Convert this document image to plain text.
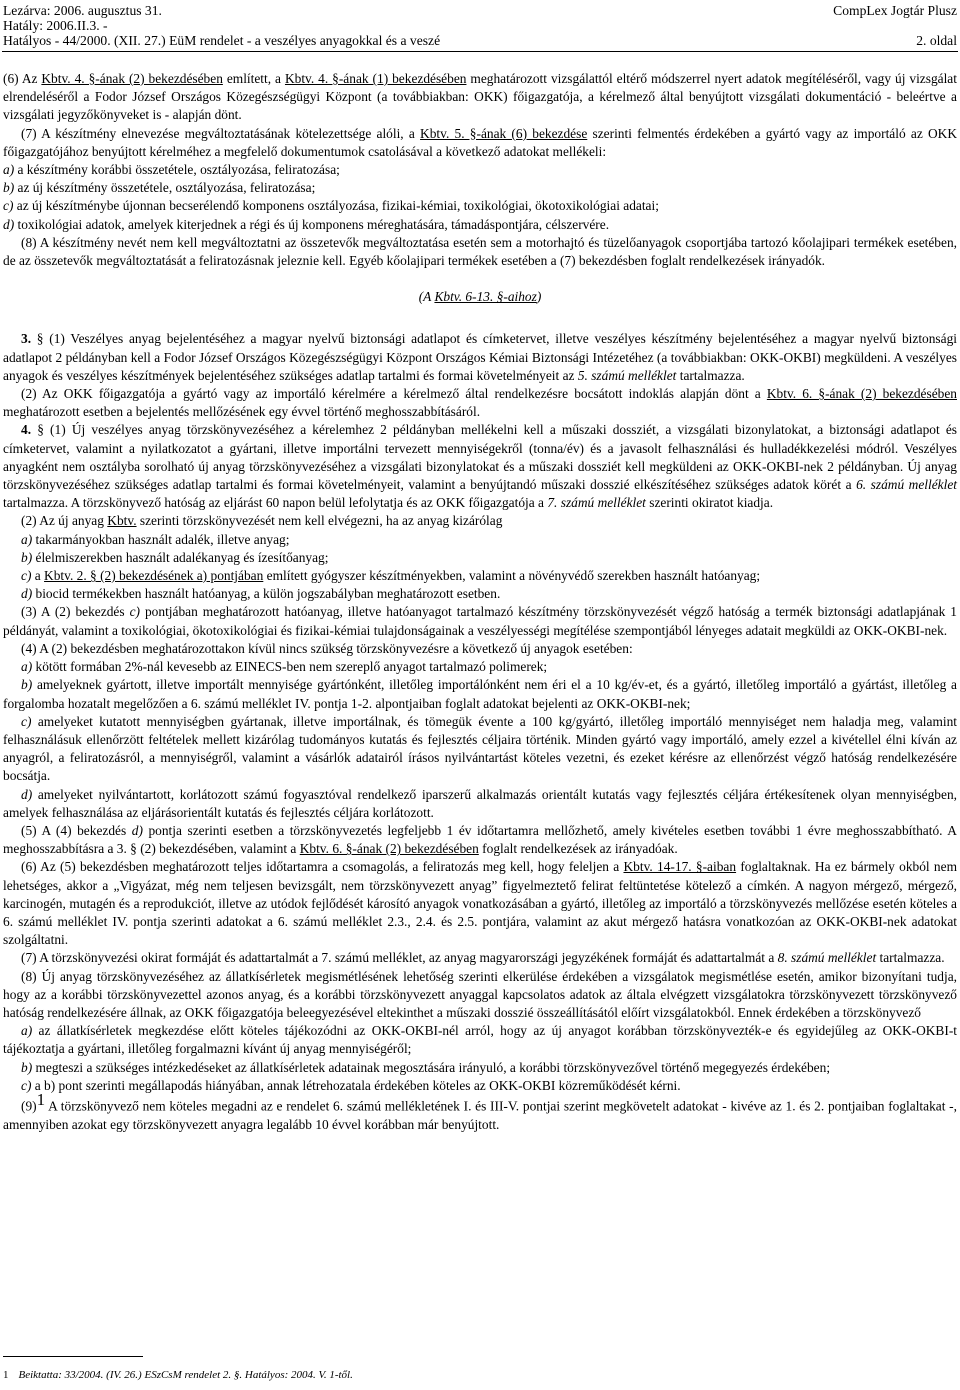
Lezárva: 2006. augusztus 31.	CompLex Jogtár Plusz
Hatály: 2006.II.3. -
Hatályos - 44/2000. (XII. 27.) EüM rendelet - a veszélyes anyagokkal és a veszé	2. oldal

(6) Az Kbtv. 4. §-ának (2) bekezdésében említett, a Kbtv. 4. §-ának (1) bekezdésében meghatározott vizsgálattól eltérő módszerrel nyert adatok megítéléséről, vagy új vizsgálat elrendeléséről a Fodor József Országos Közegészségügyi Központ (a továbbiakban: OKK) főigazgatója, a kérelmező által benyújtott vizsgálati dokumentáció - beleértve a vizsgálati jegyzőkönyveket is - alapján dönt.

(7) A készítmény elnevezése megváltoztatásának kötelezettsége alóli, a Kbtv. 5. §-ának (6) bekezdése szerinti felmentés érdekében a gyártó vagy az importáló az OKK főigazgatójához benyújtott kérelméhez a megfelelő dokumentumok csatolásával a következő adatokat mellékeli:

a) a készítmény korábbi összetétele, osztályozása, feliratozása;

b) az új készítmény összetétele, osztályozása, feliratozása;

c) az új készítménybe újonnan becserélendő komponens osztályozása, fizikai-kémiai, toxikológiai, ökotoxikológiai adatai;

d) toxikológiai adatok, amelyek kiterjednek a régi és új komponens méreghatására, támadáspontjára, célszervére.

(8) A készítmény nevét nem kell megváltoztatni az összetevők megváltoztatása esetén sem a motorhajtó és tüzelőanyagok csoportjába tartozó kőolajipari termékek esetében, de az összetevők megváltoztatását a feliratozásnak jeleznie kell. Egyéb kőolajipari termékek esetében a (7) bekezdésben foglalt rendelkezések irányadók.

(A Kbtv. 6-13. §-aihoz)

3. § (1) Veszélyes anyag bejelentéséhez a magyar nyelvű biztonsági adatlapot és címketervet, illetve veszélyes készítmény bejelentéséhez a magyar nyelvű biztonsági adatlapot 2 példányban kell a Fodor József Országos Közegészségügyi Központ Országos Kémiai Biztonsági Intézetéhez (a továbbiakban: OKK-OKBI) megküldeni. A veszélyes anyagok és veszélyes készítmények bejelentéséhez szükséges adatlap tartalmi és formai követelményeit az 5. számú melléklet tartalmazza.

(2) Az OKK főigazgatója a gyártó vagy az importáló kérelmére a kérelmező által rendelkezésre bocsátott indoklás alapján dönt a Kbtv. 6. §-ának (2) bekezdésében meghatározott esetben a bejelentés mellőzésének egy évvel történő meghosszabbításáról.

4. § (1) Új veszélyes anyag törzskönyvezéséhez a kérelemhez 2 példányban mellékelni kell a műszaki dossziét, a vizsgálati bizonylatokat, a biztonsági adatlapot és címketervet, valamint a nyilatkozatot a gyártani, illetve importálni tervezett mennyiségekről (tonna/év) és a javasolt felhasználási és hulladékkezelési módról. Veszélyes anyagként nem osztályba sorolható új anyag törzskönyvezéséhez a vizsgálati bizonylatokat és a műszaki dossziét kell megküldeni az OKK-OKBI-nek 2 példányban. Új anyag törzskönyvezéséhez szükséges adatlap tartalmi és formai követelményeit, valamint a benyújtandó műszaki dosszié elkészítéséhez szükséges adatok körét a 6. számú melléklet tartalmazza. A törzskönyvező hatóság az eljárást 60 napon belül lefolytatja és az OKK főigazgatója a 7. számú melléklet szerinti okiratot kiadja.

(2) Az új anyag Kbtv. szerinti törzskönyvezését nem kell elvégezni, ha az anyag kizárólag

a) takarmányokban használt adalék, illetve anyag;

b) élelmiszerekben használt adalékanyag és ízesítőanyag;

c) a Kbtv. 2. § (2) bekezdésének a) pontjában említett gyógyszer készítményekben, valamint a növényvédő szerekben használt hatóanyag;

d) biocid termékekben használt hatóanyag, a külön jogszabályban meghatározott esetben.

(3) A (2) bekezdés c) pontjában meghatározott hatóanyag, illetve hatóanyagot tartalmazó készítmény törzskönyvezését végző hatóság a termék biztonsági adatlapjának 1 példányát, valamint a toxikológiai, ökotoxikológiai és fizikai-kémiai tulajdonságainak a veszélyességi megítélése szempontjából lényeges adatait megküldi az OKK-OKBI-nek.

(4) A (2) bekezdésben meghatározottakon kívül nincs szükség törzskönyvezésre a következő új anyagok esetében:

a) kötött formában 2%-nál kevesebb az EINECS-ben nem szereplő anyagot tartalmazó polimerek;

b) amelyeknek gyártott, illetve importált mennyisége gyártónként, illetőleg importálónként nem éri el a 10 kg/év-et, és a gyártó, illetőleg importáló a gyártást, illetőleg a forgalomba hozatalt megelőzően a 6. számú melléklet IV. pontja 1-2. alpontjaiban foglalt adatokat bejelenti az OKK-OKBI-nek;

c) amelyeket kutatott mennyiségben gyártanak, illetve importálnak, és tömegük évente a 100 kg/gyártó, illetőleg importáló mennyiséget nem haladja meg, valamint felhasználásuk ellenőrzött feltételek mellett kizárólag tudományos kutatás és fejlesztés céljaira történik. Minden gyártó vagy importáló, amely ezzel a kivétellel élni kíván az anyagról, a feliratozásról, a mennyiségről, valamint a vásárlók adatairól írásos nyilvántartást köteles vezetni, és ezeket kérésre az ellenőrzést végző hatóság rendelkezésére bocsátja.

d) amelyeket nyilvántartott, korlátozott számú fogyasztóval rendelkező iparszerű alkalmazás orientált kutatás vagy fejlesztés céljára értékesítenek olyan mennyiségben, amelyek felhasználása az eljárásorientált kutatás és fejlesztés céljára korlátozott.

(5) A (4) bekezdés d) pontja szerinti esetben a törzskönyvezetés legfeljebb 1 év időtartamra mellőzhető, amely kivételes esetben további 1 évre meghosszabbítható. A meghosszabbításra a 3. § (2) bekezdésében, valamint a Kbtv. 6. §-ának (2) bekezdésében foglalt rendelkezések az irányadóak.

(6) Az (5) bekezdésben meghatározott teljes időtartamra a csomagolás, a feliratozás meg kell, hogy feleljen a Kbtv. 14-17. §-aiban foglaltaknak. Ha ez bármely okból nem lehetséges, akkor a „Vigyázat, még nem teljesen bevizsgált, nem törzskönyvezett anyag” figyelmeztető felirat feltüntetése kötelező a címkén. A nagyon mérgező, mérgező, karcinogén, mutagén és a reprodukciót, illetve az utódok fejlődését károsító anyagok vonatkozásában a gyártó, illetőleg az importáló a törzskönyvezés mellőzése esetén köteles a 6. számú melléklet IV. pontja szerinti adatokat a 6. számú melléklet 2.3., 2.4. és 2.5. pontjára, valamint az akut mérgező hatásra vonatkozóan az OKK-OKBI-nek adatokat szolgáltatni.

(7) A törzskönyvezési okirat formáját és adattartalmát a 7. számú melléklet, az anyag magyarországi jegyzékének formáját és adattartalmát a 8. számú melléklet tartalmazza.

(8) Új anyag törzskönyvezéséhez az állatkísérletek megismétlésének lehetőség szerinti elkerülése érdekében a vizsgálatok megismétlése esetén, amikor bizonyítani tudja, hogy az a korábbi törzskönyvezettel azonos anyag, és a korábbi törzskönyvezett anyaggal kapcsolatos adatok az általa elvégzett vizsgálatokra törzskönyvezett törzskönyvező hatóság rendelkezésére állnak, az OKK főigazgatója beleegyezésével eltekinthet a műszaki dosszié összeállításától előírt vizsgálatokból. Ennek érdekében a törzskönyvező

a) az állatkísérletek megkezdése előtt köteles tájékozódni az OKK-OKBI-nél arról, hogy az új anyagot korábban törzskönyvezték-e és egyidejűleg az OKK-OKBI-t tájékoztatja a gyártani, illetőleg forgalmazni kívánt új anyag mennyiségéről;

b) megteszi a szükséges intézkedéseket az állatkísérletek adatainak megosztására irányuló, a korábbi törzskönyvezővel történő megegyezés érdekében;

c) a b) pont szerinti megállapodás hiányában, annak létrehozatala érdekében köteles az OKK-OKBI közreműködését kérni.

(9)$^1$ A törzskönyvező nem köteles megadni az e rendelet 6. számú mellékletének I. és III-V. pontjai szerint megkövetelt adatokat - kivéve az 1. és 2. pontjaiban foglaltakat -, amennyiben azokat egy törzskönyvezett anyagra legalább 10 évvel korábban már benyújtott.

1 Beiktatta: 33/2004. (IV. 26.) ESzCsM rendelet 2. §. Hatályos: 2004. V. 1-től.
